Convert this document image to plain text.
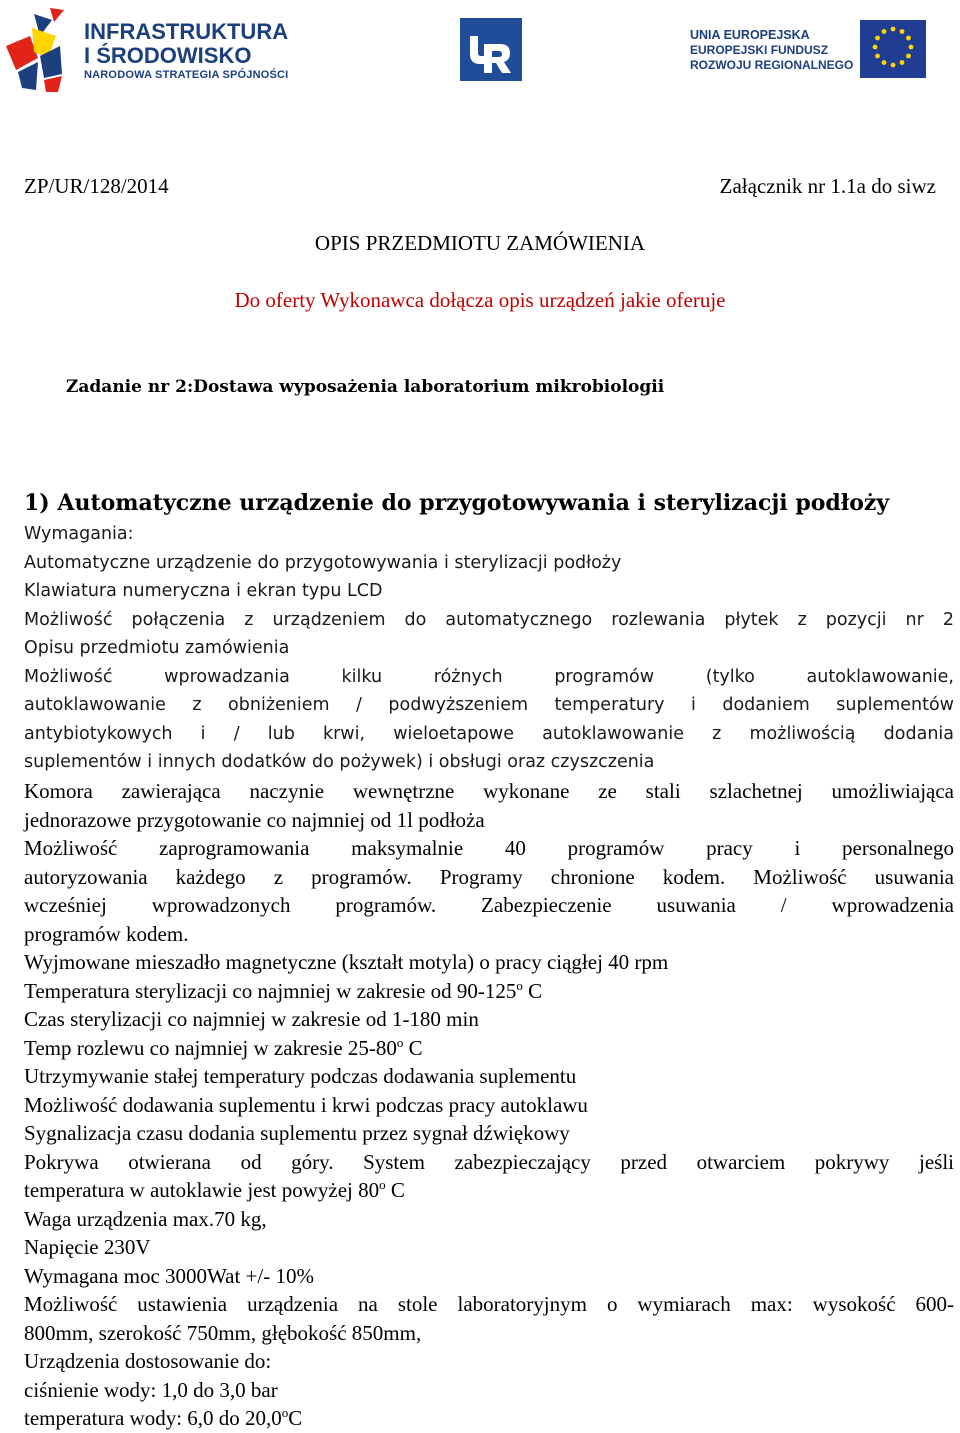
INFRASTRUKTURA
I ŚRODOWISKO
NARODOWA STRATEGIA SPÓJNOŚCI
UNIA EUROPEJSKA
EUROPEJSKI FUNDUSZ
ROZWOJU REGIONALNEGO
ZP/UR/128/2014	Załącznik nr 1.1a do siwz
OPIS PRZEDMIOTU ZAMÓWIENIA
Do oferty Wykonawca dołącza opis urządzeń jakie oferuje
Zadanie nr 2:Dostawa wyposażenia laboratorium mikrobiologii
1) Automatyczne urządzenie do przygotowywania i sterylizacji podłoży
Wymagania:
Automatyczne urządzenie do przygotowywania i sterylizacji podłoży
Klawiatura numeryczna i ekran typu LCD
Możliwość połączenia z urządzeniem do automatycznego rozlewania płytek z pozycji nr 2
Opisu przedmiotu zamówienia
Możliwość wprowadzania kilku różnych programów (tylko autoklawowanie,
autoklawowanie z obniżeniem / podwyższeniem temperatury i dodaniem suplementów
antybiotykowych i / lub krwi, wieloetapowe autoklawowanie z możliwością dodania
suplementów i innych dodatków do pożywek) i obsługi oraz czyszczenia
Komora zawierająca naczynie wewnętrzne wykonane ze stali szlachetnej umożliwiająca
jednorazowe przygotowanie co najmniej od 1l podłoża
Możliwość zaprogramowania maksymalnie 40 programów pracy i personalnego
autoryzowania każdego z programów. Programy chronione kodem. Możliwość usuwania
wcześniej wprowadzonych programów. Zabezpieczenie usuwania / wprowadzenia
programów kodem.
Wyjmowane mieszadło magnetyczne (kształt motyla) o pracy ciągłej 40 rpm
Temperatura sterylizacji co najmniej w zakresie od 90-125$^o$ C
Czas sterylizacji co najmniej w zakresie od 1-180 min
Temp rozlewu co najmniej w zakresie 25-80$^o$ C
Utrzymywanie stałej temperatury podczas dodawania suplementu
Możliwość dodawania suplementu i krwi podczas pracy autoklawu
Sygnalizacja czasu dodania suplementu przez sygnał dźwiękowy
Pokrywa otwierana od góry. System zabezpieczający przed otwarciem pokrywy jeśli
temperatura w autoklawie jest powyżej 80$^o$ C
Waga urządzenia max.70 kg,
Napięcie 230V
Wymagana moc 3000Wat +/- 10%
Możliwość ustawienia urządzenia na stole laboratoryjnym o wymiarach max: wysokość 600-
800mm, szerokość 750mm, głębokość 850mm,
Urządzenia dostosowanie do:
ciśnienie wody: 1,0 do 3,0 bar
temperatura wody: 6,0 do 20,0$^o$C
